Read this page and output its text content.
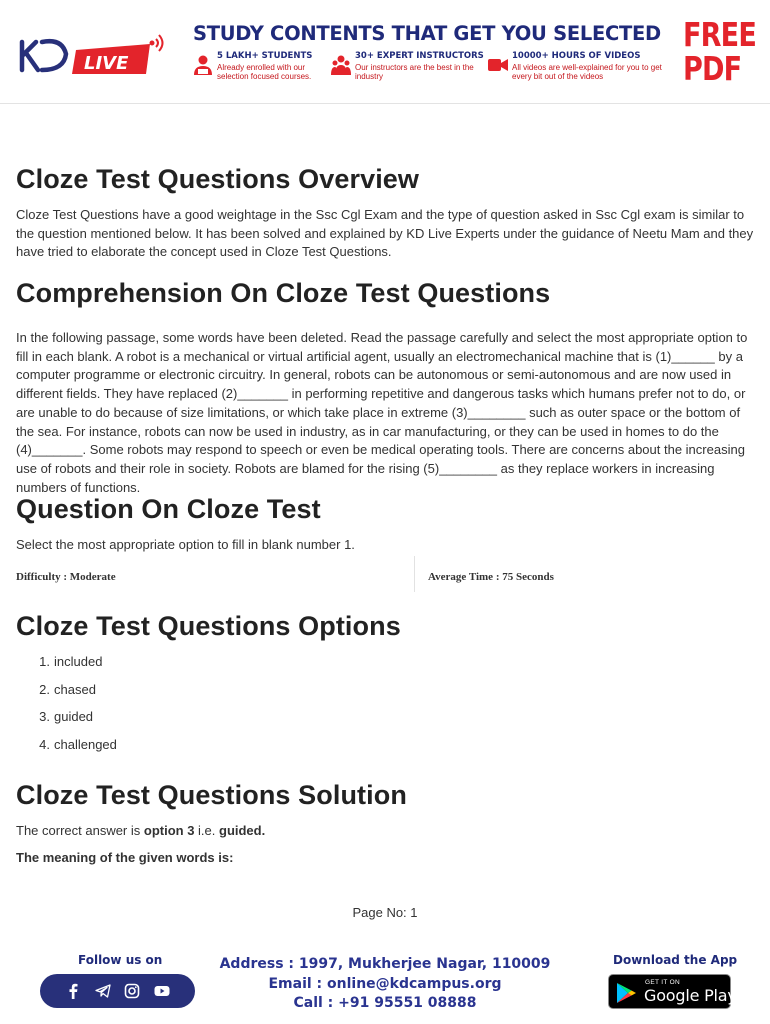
LIVE
STUDY CONTENTS THAT GET YOU SELECTED
5 LAKH+ STUDENTS
Already enrolled with our selection focused courses.
30+ EXPERT INSTRUCTORS
Our instructors are the best in the industry
10000+ HOURS OF VIDEOS
All videos are well-explained for you to get every bit out of the videos
FREE
PDF
Cloze Test Questions Overview

Cloze Test Questions have a good weightage in the Ssc Cgl Exam and the type of question asked in Ssc Cgl exam is similar to the question mentioned below. It has been solved and explained by KD Live Experts under the guidance of Neetu Mam and they have tried to elaborate the concept used in Cloze Test Questions.

Comprehension On Cloze Test Questions

In the following passage, some words have been deleted. Read the passage carefully and select the most appropriate option to fill in each blank. A robot is a mechanical or virtual artificial agent, usually an electromechanical machine that is (1)______ by a computer programme or electronic circuitry. In general, robots can be autonomous or semi-autonomous and are now used in different fields. They have replaced (2)_______ in performing repetitive and dangerous tasks which humans prefer not to do, or are unable to do because of size limitations, or which take place in extreme (3)________ such as outer space or the bottom of the sea. For instance, robots can now be used in industry, as in car manufacturing, or they can be used in homes to do the (4)_______. Some robots may respond to speech or even be medical operating tools. There are concerns about the increasing use of robots and their role in society. Robots are blamed for the rising (5)________ as they replace workers in increasing numbers of functions.

Question On Cloze Test

Select the most appropriate option to fill in blank number 1.

Difficulty : Moderate	Average Time : 75 Seconds
Cloze Test Questions Options
1. included
2. chased
3. guided
4. challenged
Cloze Test Questions Solution

The correct answer is option 3 i.e. guided.

The meaning of the given words is:

Page No: 1
Follow us on	Address : 1997, Mukherjee Nagar, 110009
Email : online@kdcampus.org
Call : +91 95551 08888
Download the App
GET IT ON
Google Play
